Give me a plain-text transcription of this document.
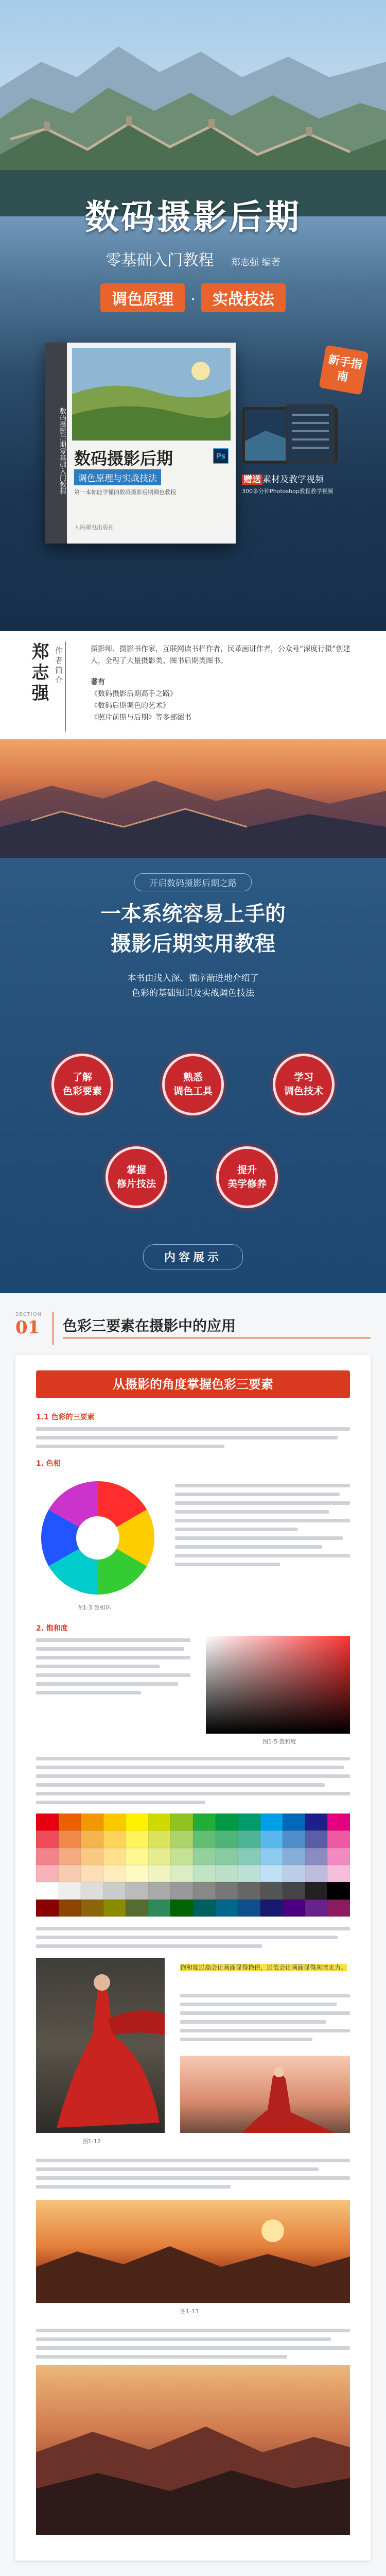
数码摄影后期
零基础入门教程 郑志强 编著
调色原理 · 实战技法
数码摄影后期零基础入门教程 数码摄影后期
调色原理与实战技法
第一本你能学懂的数码摄影后期调色教程
人民邮电出版社
Ps
新手指南
赠送 素材及教学视频
300多分钟Photoshop教程教学视频
郑志强 作者简介	摄影师、摄影书作家，互联网读书栏作者，民革画讲作者，公众号“深度行摄”创建人，全程了大量摄影类、图书后期类图书。
著有
《数码摄影后期高手之路》
《数码后期调色的艺术》
《照片前期与后期》等多部图书
开启数码摄影后期之路
一本系统容易上手的
摄影后期实用教程
本书由浅入深、循序渐进地介绍了
色彩的基础知识及实战调色技法
了解
色彩要素
熟悉
调色工具
学习
调色技术
掌握
修片技法
提升
美学修养
内容展示
SECTION
01	色彩三要素在摄影中的应用
从摄影的角度掌握色彩三要素
1.1 色彩的三要素
1. 色相
图1-3 色相环
2. 饱和度
图1-5 饱和度
图1-12
饱和度过高会让画面显得艳俗，过低会让画面显得灰暗无力。
图1-13
